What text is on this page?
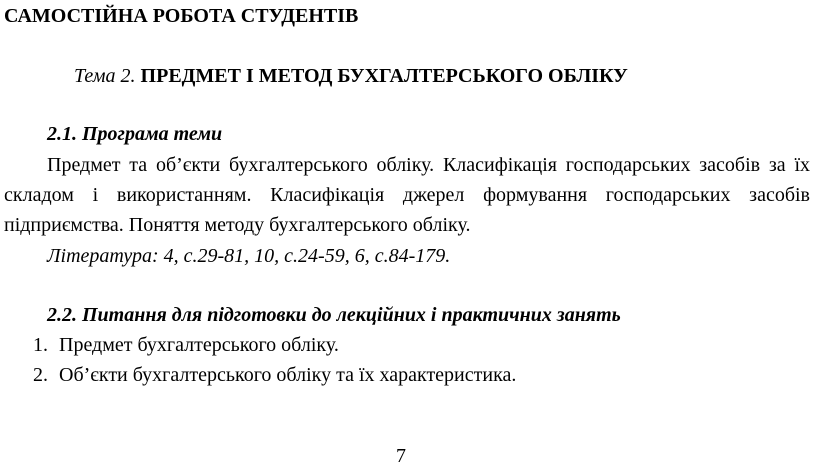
САМОСТІЙНА РОБОТА СТУДЕНТІВ
Тема 2. ПРЕДМЕТ І МЕТОД БУХГАЛТЕРСЬКОГО ОБЛІКУ
2.1. Програма теми
Предмет та об’єкти бухгалтерського обліку. Класифікація господарських засобів за їх складом і використанням. Класифікація джерел формування господарських засобів підприємства. Поняття методу бухгалтерського обліку.
Література: 4, с.29-81, 10, с.24-59, 6, с.84-179.
2.2. Питання для підготовки до лекційних і практичних занять
1. Предмет бухгалтерського обліку.
2. Об’єкти бухгалтерського обліку та їх характеристика.
7
